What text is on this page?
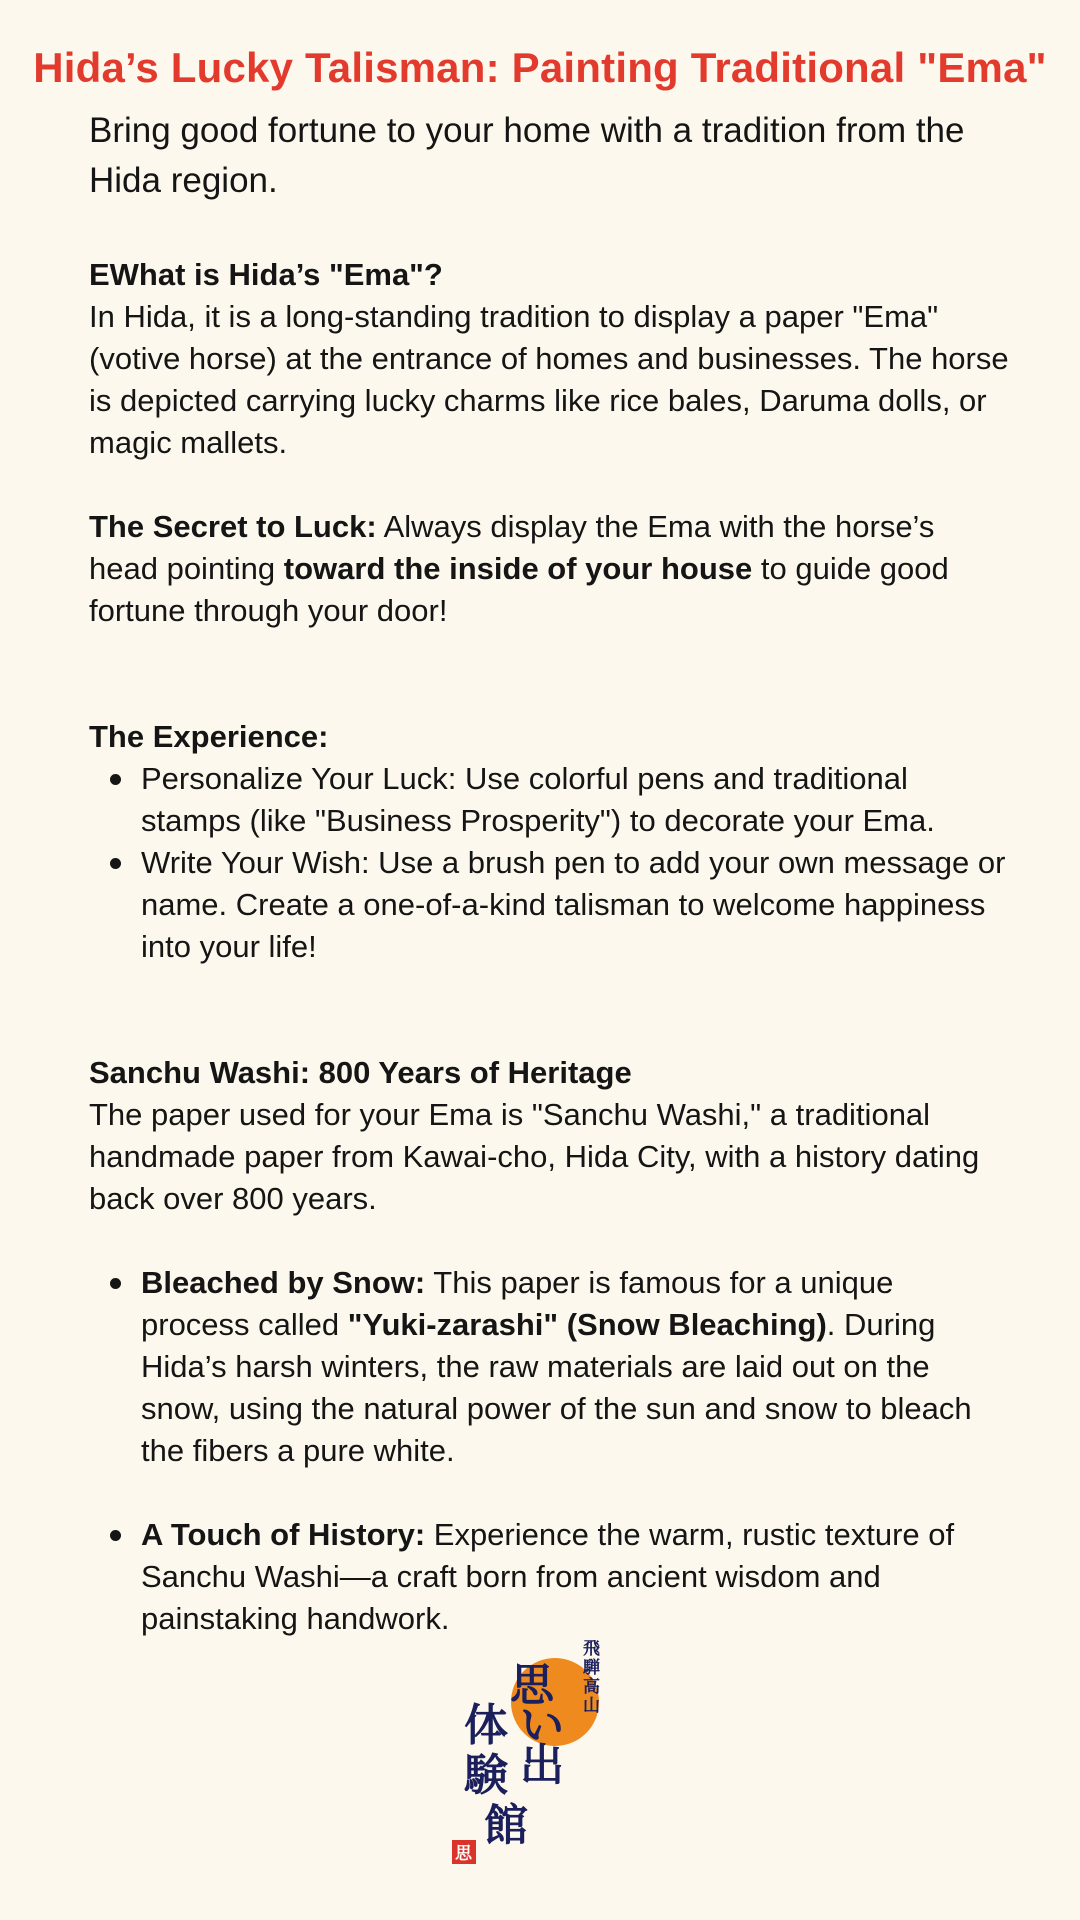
Hida’s Lucky Talisman: Painting Traditional "Ema"

Bring good fortune to your home with a tradition from the Hida region.

EWhat is Hida’s "Ema"?

In Hida, it is a long-standing tradition to display a paper "Ema" (votive horse) at the entrance of homes and businesses. The horse is depicted carrying lucky charms like rice bales, Daruma dolls, or magic mallets.

The Secret to Luck: Always display the Ema with the horse’s head pointing toward the inside of your house to guide good fortune through your door!

The Experience:
Personalize Your Luck: Use colorful pens and traditional stamps (like "Business Prosperity") to decorate your Ema.
Write Your Wish: Use a brush pen to add your own message or name. Create a one-of-a-kind talisman to welcome happiness into your life!
Sanchu Washi: 800 Years of Heritage

The paper used for your Ema is "Sanchu Washi," a traditional handmade paper from Kawai-cho, Hida City, with a history dating back over 800 years.

Bleached by Snow: This paper is famous for a unique process called "Yuki-zarashi" (Snow Bleaching). During Hida’s harsh winters, the raw materials are laid out on the snow, using the natural power of the sun and snow to bleach the fibers a pure white.
A Touch of History: Experience the warm, rustic texture of Sanchu Washi—a craft born from ancient wisdom and painstaking handwork.
飛 騨 高 山
思 い 出
体 験 館
思
